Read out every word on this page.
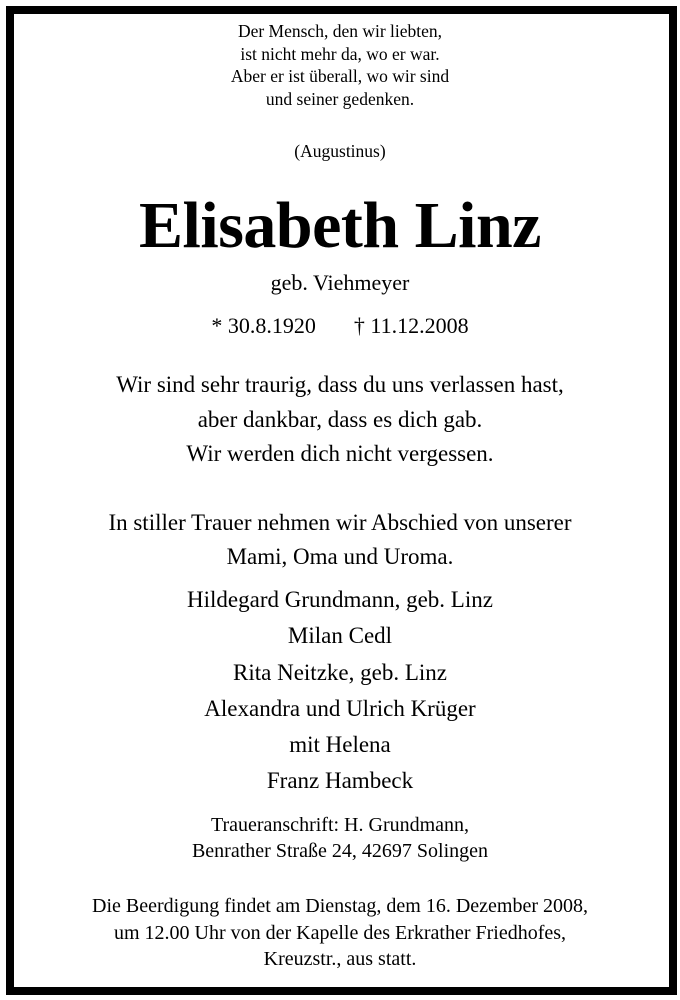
Der Mensch, den wir liebten,
ist nicht mehr da, wo er war.
Aber er ist überall, wo wir sind
und seiner gedenken.
(Augustinus)
Elisabeth Linz
geb. Viehmeyer
* 30.8.1920 † 11.12.2008
Wir sind sehr traurig, dass du uns verlassen hast,
aber dankbar, dass es dich gab.
Wir werden dich nicht vergessen.
In stiller Trauer nehmen wir Abschied von unserer
Mami, Oma und Uroma.
Hildegard Grundmann, geb. Linz
Milan Cedl
Rita Neitzke, geb. Linz
Alexandra und Ulrich Krüger
mit Helena
Franz Hambeck
Traueranschrift: H. Grundmann,
Benrather Straße 24, 42697 Solingen
Die Beerdigung findet am Dienstag, dem 16. Dezember 2008,
um 12.00 Uhr von der Kapelle des Erkrather Friedhofes,
Kreuzstr., aus statt.
